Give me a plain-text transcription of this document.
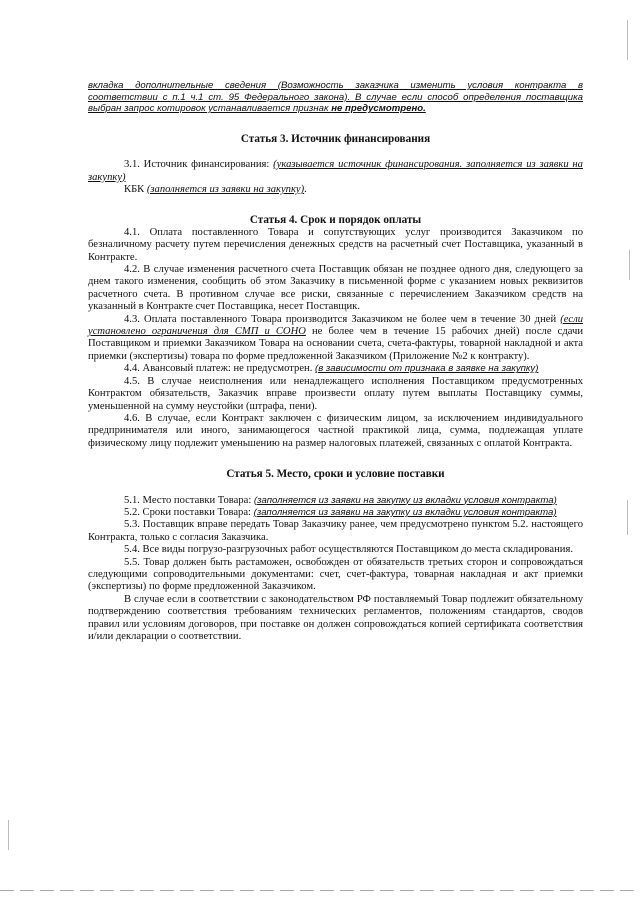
вкладка дополнительные сведения (Возможность заказчика изменить условия контракта в соответствии с п.1 ч.1 ст. 95 Федерального закона). В случае если способ определения поставщика выбран запрос котировок устанавливается признак не предусмотрено.

Статья 3. Источник финансирования

3.1. Источник финансирования: (указывается источник финансирования. заполняется из заявки на закупку)

КБК (заполняется из заявки на закупку).

Статья 4. Срок и порядок оплаты

4.1. Оплата поставленного Товара и сопутствующих услуг производится Заказчиком по безналичному расчету путем перечисления денежных средств на расчетный счет Поставщика, указанный в Контракте.

4.2. В случае изменения расчетного счета Поставщик обязан не позднее одного дня, следующего за днем такого изменения, сообщить об этом Заказчику в письменной форме с указанием новых реквизитов расчетного счета. В противном случае все риски, связанные с перечислением Заказчиком средств на указанный в Контракте счет Поставщика, несет Поставщик.

4.3. Оплата поставленного Товара производится Заказчиком не более чем в течение 30 дней (если установлено ограничения для СМП и СОНО не более чем в течение 15 рабочих дней) после сдачи Поставщиком и приемки Заказчиком Товара на основании счета, счета-фактуры, товарной накладной и акта приемки (экспертизы) товара по форме предложенной Заказчиком (Приложение №2 к контракту).

4.4. Авансовый платеж: не предусмотрен. (в зависимости от признака в заявке на закупку)

4.5. В случае неисполнения или ненадлежащего исполнения Поставщиком предусмотренных Контрактом обязательств, Заказчик вправе произвести оплату путем выплаты Поставщику суммы, уменьшенной на сумму неустойки (штрафа, пени).

4.6. В случае, если Контракт заключен с физическим лицом, за исключением индивидуального предпринимателя или иного, занимающегося частной практикой лица, сумма, подлежащая уплате физическому лицу подлежит уменьшению на размер налоговых платежей, связанных с оплатой Контракта.

Статья 5. Место, сроки и условие поставки

5.1. Место поставки Товара: (заполняется из заявки на закупку из вкладки условия контракта)

5.2. Сроки поставки Товара: (заполняется из заявки на закупку из вкладки условия контракта)

5.3. Поставщик вправе передать Товар Заказчику ранее, чем предусмотрено пунктом 5.2. настоящего Контракта, только с согласия Заказчика.

5.4. Все виды погрузо-разгрузочных работ осуществляются Поставщиком до места складирования.

5.5. Товар должен быть растаможен, освобожден от обязательств третьих сторон и сопровождаться следующими сопроводительными документами: счет, счет-фактура, товарная накладная и акт приемки (экспертизы) по форме предложенной Заказчиком.

В случае если в соответствии с законодательством РФ поставляемый Товар подлежит обязательному подтверждению соответствия требованиям технических регламентов, положениям стандартов, сводов правил или условиям договоров, при поставке он должен сопровождаться копией сертификата соответствия и/или декларации о соответствии.
